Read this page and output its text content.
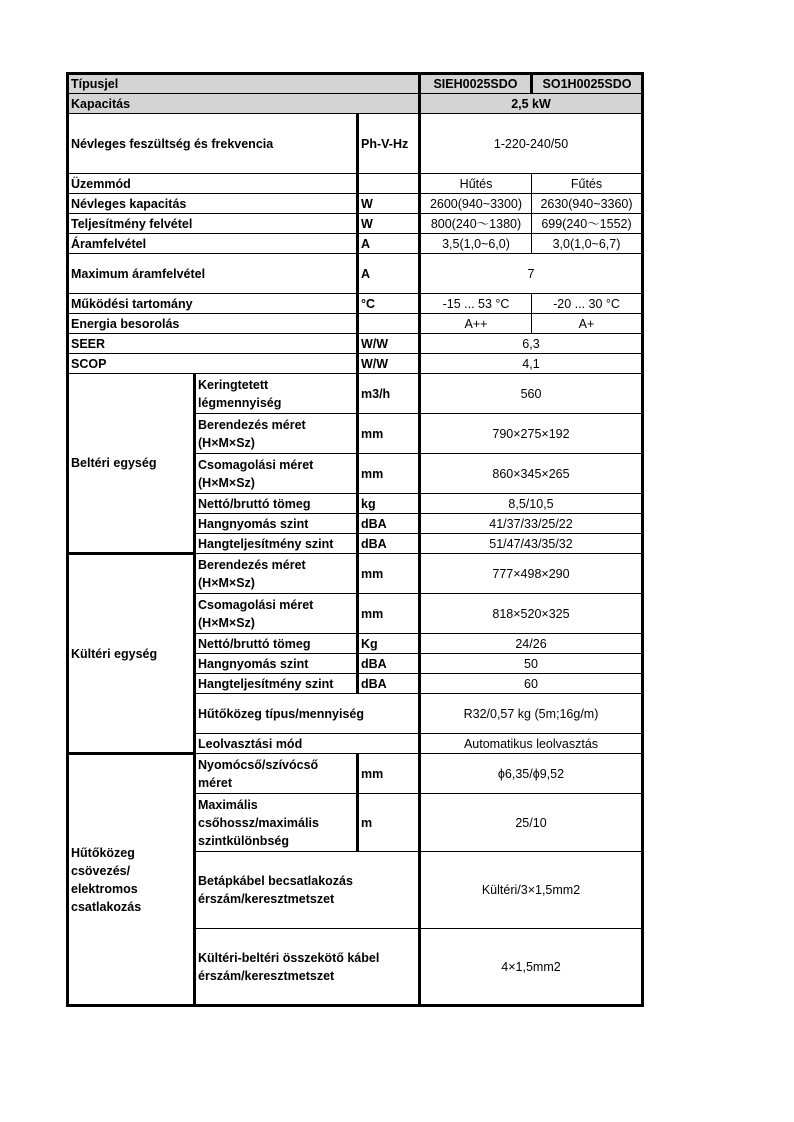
Típusjel			SIEH0025SDO	SO1H0025SDO
Kapacitás			2,5 kW	
Névleges feszültség és frekvencia		Ph-V-Hz	1-220-240/50	
Üzemmód			Hűtés	Fűtés
Névleges kapacitás		W	2600(940~3300)	2630(940~3360)
Teljesítmény felvétel		W	800(240～1380)	699(240～1552)
Áramfelvétel		A	3,5(1,0~6,0)	3,0(1,0~6,7)
Maximum áramfelvétel		A	7	
Működési tartomány		°C	-15 ... 53 °C	-20 ... 30 °C
Energia besorolás			A++	A+
SEER		W/W	6,3	
SCOP		W/W	4,1	
Beltéri egység	Keringtetett légmennyiség	m3/h	560	
	Berendezés méret (H×M×Sz)	mm	790×275×192	
	Csomagolási méret (H×M×Sz)	mm	860×345×265	
	Nettó/bruttó tömeg	kg	8,5/10,5	
	Hangnyomás szint	dBA	41/37/33/25/22	
	Hangteljesítmény szint	dBA	51/47/43/35/32	
Kültéri egység	Berendezés méret (H×M×Sz)	mm	777×498×290	
	Csomagolási méret (H×M×Sz)	mm	818×520×325	
	Nettó/bruttó tömeg	Kg	24/26	
	Hangnyomás szint	dBA	50	
	Hangteljesítmény szint	dBA	60	
	Hűtőközeg típus/mennyiség		R32/0,57 kg (5m;16g/m)	
	Leolvasztási mód		Automatikus leolvasztás	
Hűtőközeg csövezés/ elektromos csatlakozás	Nyomócső/szívócső méret	mm	ϕ6,35/ϕ9,52	
	Maximális csőhossz/maximális szintkülönbség	m	25/10	
	Betápkábel becsatlakozás érszám/keresztmetszet		Kültéri/3×1,5mm2	
	Kültéri-beltéri összekötő kábel érszám/keresztmetszet		4×1,5mm2	
